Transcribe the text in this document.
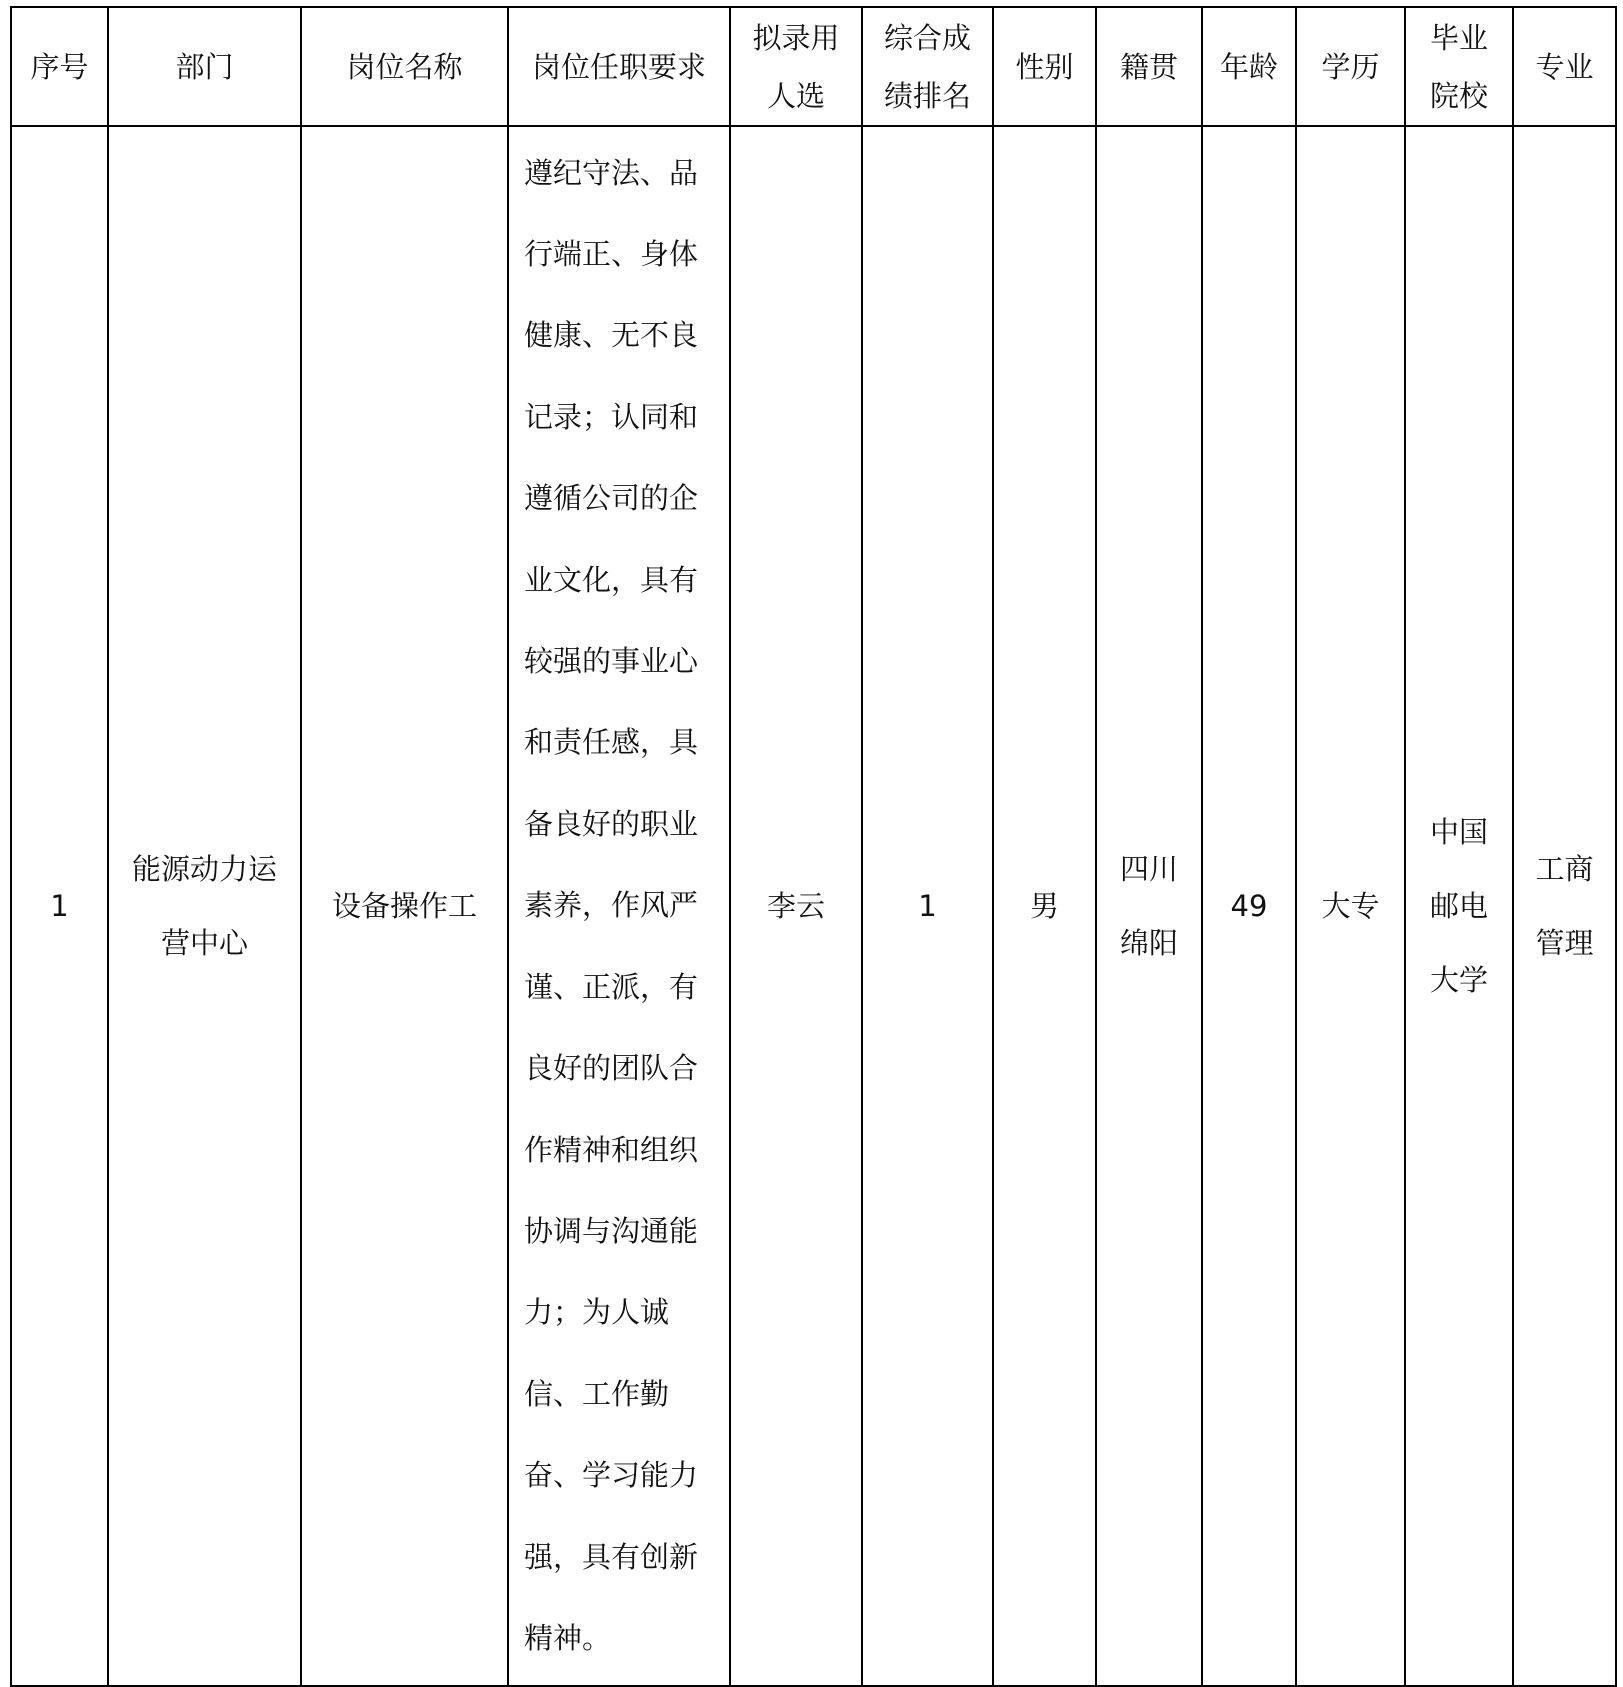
序号	部门	岗位名称	岗位任职要求	拟录用人选	综合成绩排名	性别	籍贯	年龄	学历	毕业院校	专业

1	能源动力运营中心	设备操作工	遵纪守法、品行端正、身体健康、无不良记录；认同和遵循公司的企业文化，具有较强的事业心和责任感，具备良好的职业素养，作风严谨、正派，有良好的团队合作精神和组织协调与沟通能力；为人诚信、工作勤奋、学习能力强，具有创新精神。	李云	1	男	四川绵阳	49	大专	中国邮电大学	工商管理
